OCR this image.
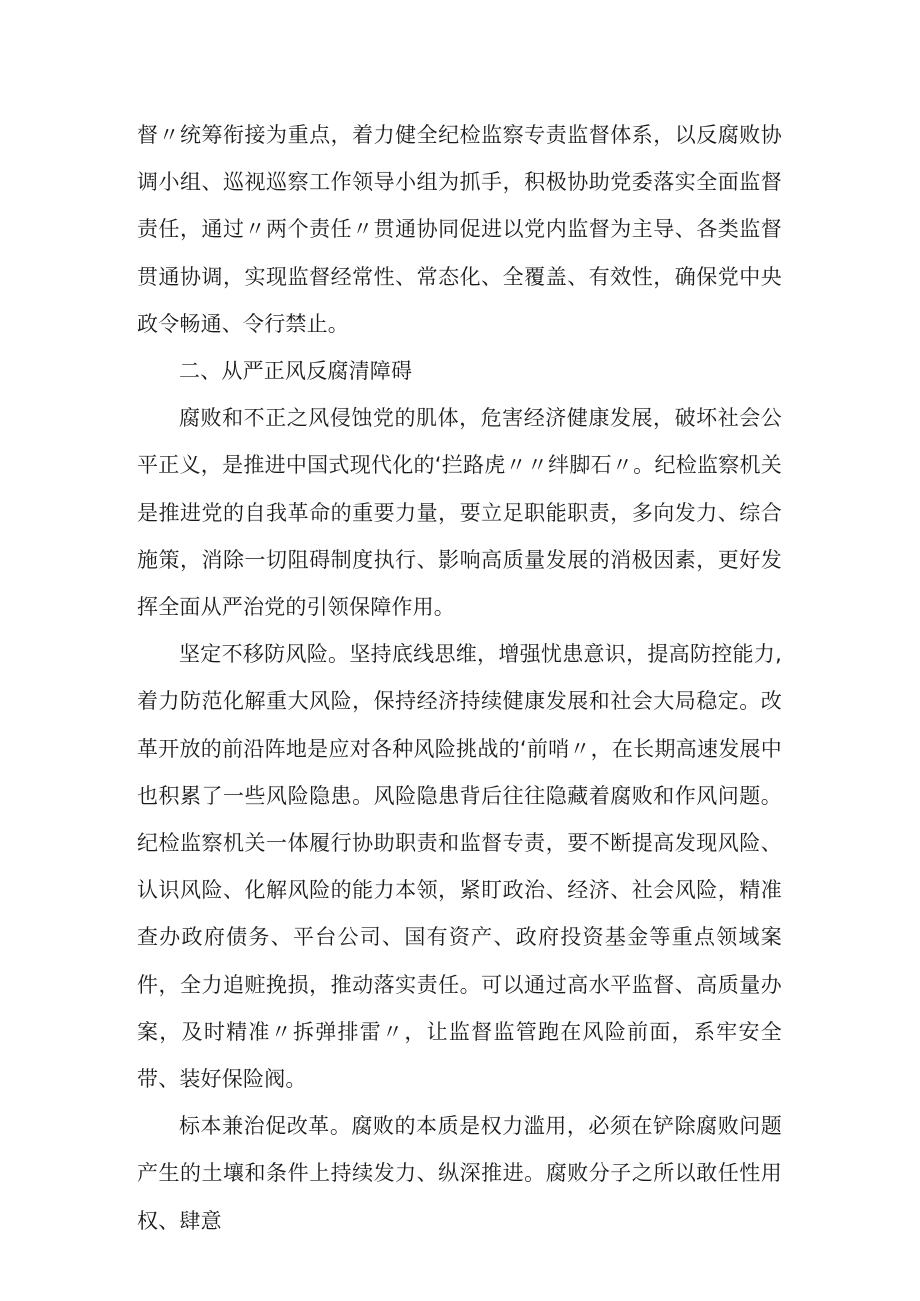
督〃统筹衔接为重点，着力健全纪检监察专责监督体系，以反腐败协调小组、巡视巡察工作领导小组为抓手，积极协助党委落实全面监督责任，通过〃两个责任〃贯通协同促进以党内监督为主导、各类监督贯通协调，实现监督经常性、常态化、全覆盖、有效性，确保党中央政令畅通、令行禁止。

二、从严正风反腐清障碍

腐败和不正之风侵蚀党的肌体，危害经济健康发展，破坏社会公平正义，是推进中国式现代化的‘拦路虎〃〃绊脚石〃。纪检监察机关是推进党的自我革命的重要力量，要立足职能职责，多向发力、综合施策，消除一切阻碍制度执行、影响高质量发展的消极因素，更好发挥全面从严治党的引领保障作用。

坚定不移防风险。坚持底线思维，增强忧患意识，提高防控能力,着力防范化解重大风险，保持经济持续健康发展和社会大局稳定。改革开放的前沿阵地是应对各种风险挑战的‘前哨〃，在长期高速发展中也积累了一些风险隐患。风险隐患背后往往隐藏着腐败和作风问题。纪检监察机关一体履行协助职责和监督专责，要不断提高发现风险、认识风险、化解风险的能力本领，紧盯政治、经济、社会风险，精准查办政府债务、平台公司、国有资产、政府投资基金等重点领域案件，全力追赃挽损，推动落实责任。可以通过高水平监督、高质量办案，及时精准〃拆弹排雷〃，让监督监管跑在风险前面，系牢安全带、装好保险阀。

标本兼治促改革。腐败的本质是权力滥用，必须在铲除腐败问题产生的土壤和条件上持续发力、纵深推进。腐败分子之所以敢任性用权、肆意
